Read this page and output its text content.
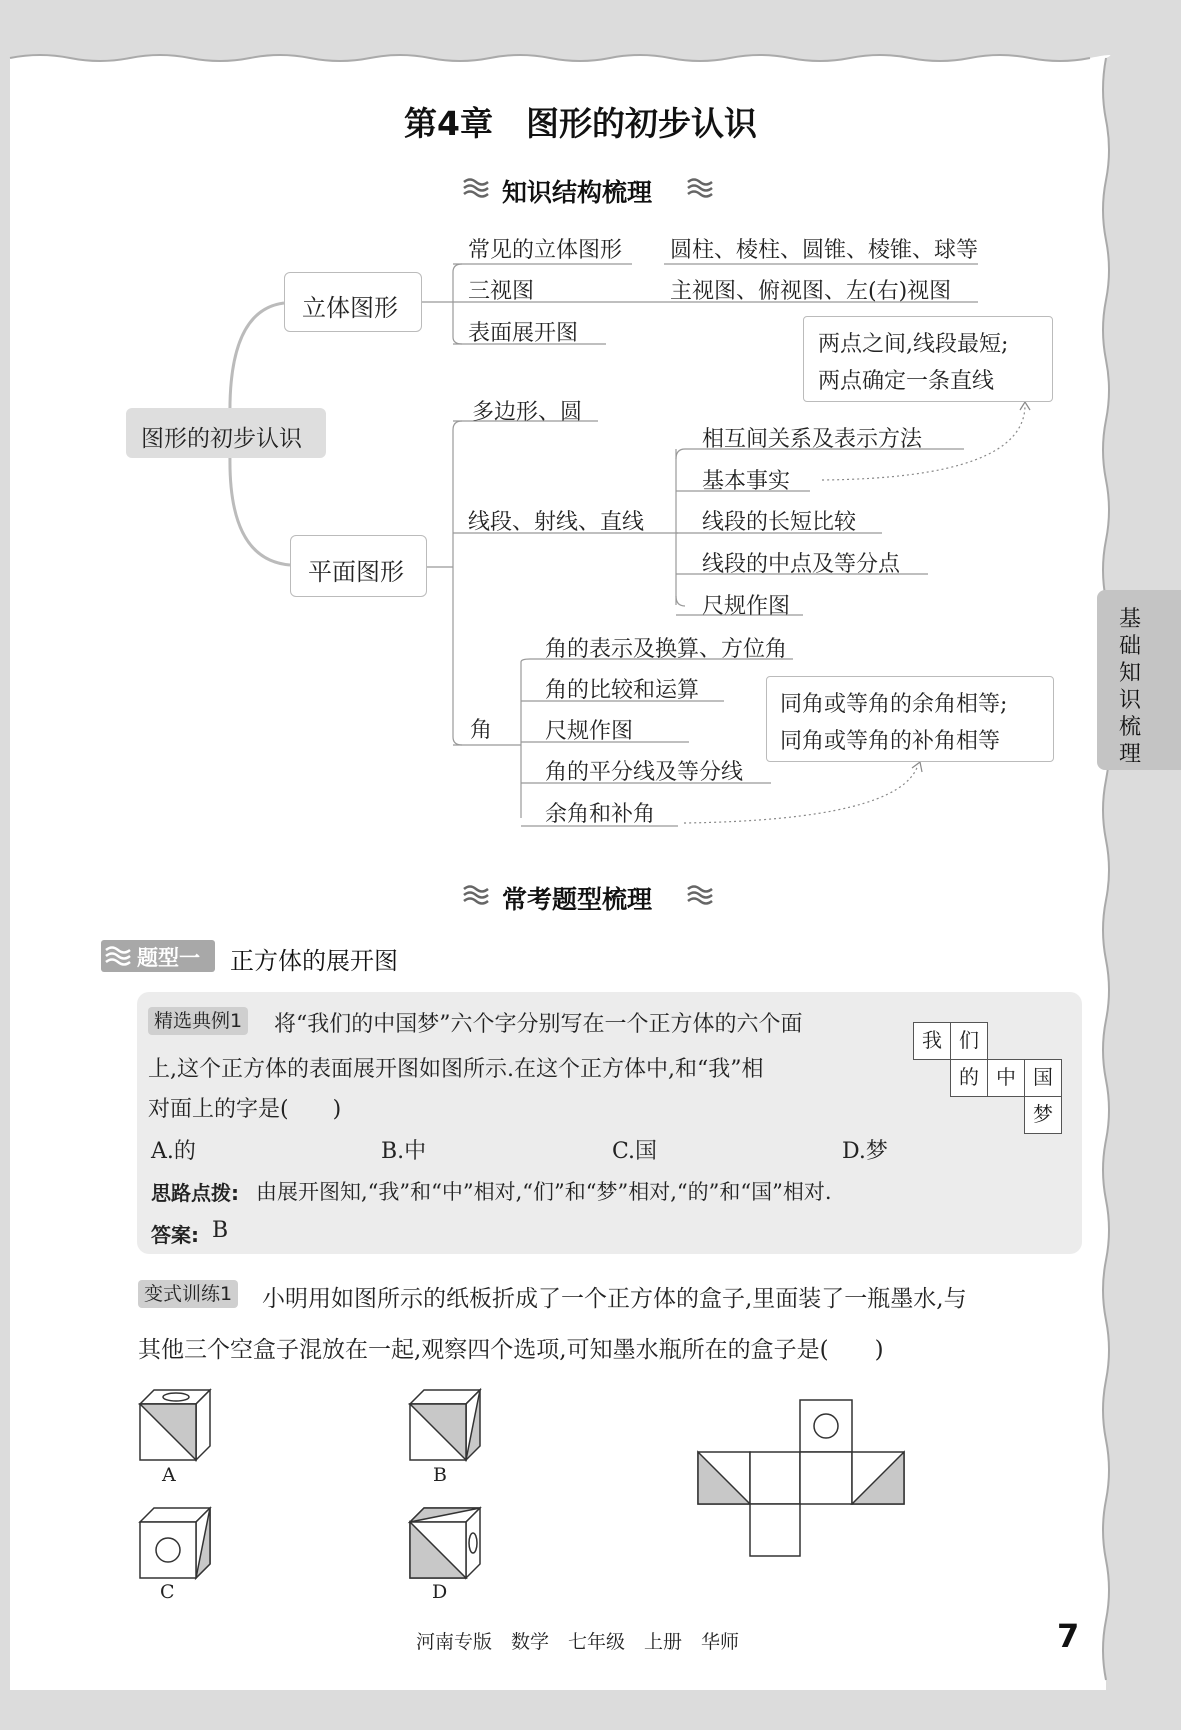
基
础
知
识
梳
理
第4章　图形的初步认识
知识结构梳理
图形的初步认识
立体图形
平面图形
常见的立体图形 圆柱、棱柱、圆锥、棱锥、球等
三视图	主视图、俯视图、左(右)视图
表面展开图	两点之间,线段最短;
两点确定一条直线
多边形、圆
线段、射线、直线
相互间关系及表示方法
基本事实
线段的长短比较
线段的中点及等分点
尺规作图
角
角的表示及换算、方位角
角的比较和运算
尺规作图
角的平分线及等分线
余角和补角
同角或等角的余角相等;
同角或等角的补角相等
常考题型梳理
题型一 正方体的展开图
精选典例1 将“我们的中国梦”六个字分别写在一个正方体的六个面
上,这个正方体的表面展开图如图所示.在这个正方体中,和“我”相
对面上的字是(　　)
A.的	B.中	C.国	D.梦
思路点拨: 由展开图知,“我”和“中”相对,“们”和“梦”相对,“的”和“国”相对.
答案: B
我 们
的 中 国
梦
变式训练1 小明用如图所示的纸板折成了一个正方体的盒子,里面装了一瓶墨水,与
其他三个空盒子混放在一起,观察四个选项,可知墨水瓶所在的盒子是(　　)
A	B
C	D
河南专版　数学　七年级　上册　华师	7
